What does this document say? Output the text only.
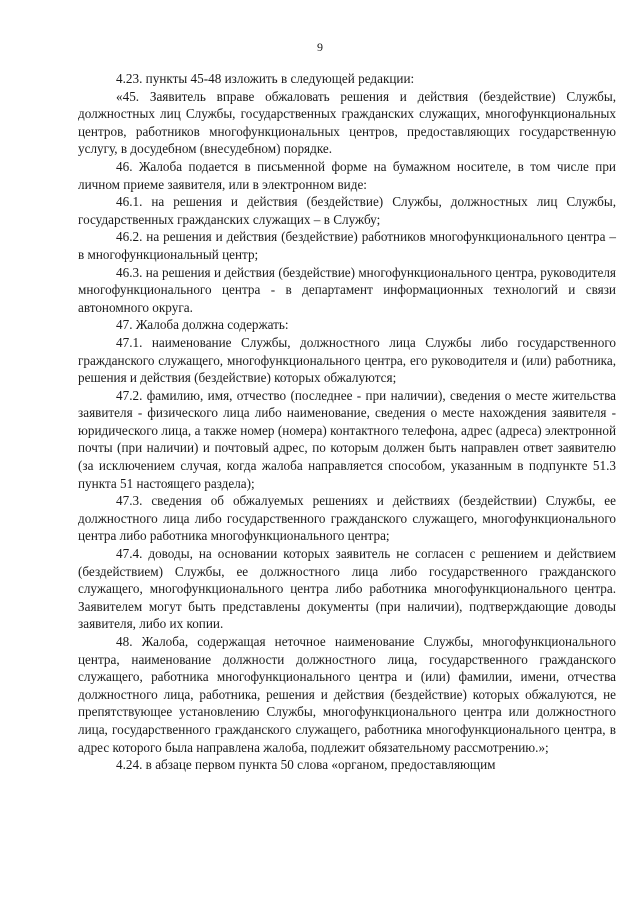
9

4.23. пункты 45-48 изложить в следующей редакции:

«45. Заявитель вправе обжаловать решения и действия (бездействие) Службы, должностных лиц Службы, государственных гражданских служащих, многофункциональных центров, работников многофункциональных центров, предоставляющих государственную услугу, в досудебном (внесудебном) порядке.

46. Жалоба подается в письменной форме на бумажном носителе, в том числе при личном приеме заявителя, или в электронном виде:

46.1. на решения и действия (бездействие) Службы, должностных лиц Службы, государственных гражданских служащих – в Службу;

46.2. на решения и действия (бездействие) работников многофункционального центра – в многофункциональный центр;

46.3. на решения и действия (бездействие) многофункционального центра, руководителя многофункционального центра - в департамент информационных технологий и связи автономного округа.

47. Жалоба должна содержать:

47.1. наименование Службы, должностного лица Службы либо государственного гражданского служащего, многофункционального центра, его руководителя и (или) работника, решения и действия (бездействие) которых обжалуются;

47.2. фамилию, имя, отчество (последнее - при наличии), сведения о месте жительства заявителя - физического лица либо наименование, сведения о месте нахождения заявителя - юридического лица, а также номер (номера) контактного телефона, адрес (адреса) электронной почты (при наличии) и почтовый адрес, по которым должен быть направлен ответ заявителю (за исключением случая, когда жалоба направляется способом, указанным в подпункте 51.3 пункта 51 настоящего раздела);

47.3. сведения об обжалуемых решениях и действиях (бездействии) Службы, ее должностного лица либо государственного гражданского служащего, многофункционального центра либо работника многофункционального центра;

47.4. доводы, на основании которых заявитель не согласен с решением и действием (бездействием) Службы, ее должностного лица либо государственного гражданского служащего, многофункционального центра либо работника многофункционального центра. Заявителем могут быть представлены документы (при наличии), подтверждающие доводы заявителя, либо их копии.

48. Жалоба, содержащая неточное наименование Службы, многофункционального центра, наименование должности должностного лица, государственного гражданского служащего, работника многофункционального центра и (или) фамилии, имени, отчества должностного лица, работника, решения и действия (бездействие) которых обжалуются, не препятствующее установлению Службы, многофункционального центра или должностного лица, государственного гражданского служащего, работника многофункционального центра, в адрес которого была направлена жалоба, подлежит обязательному рассмотрению.»;

4.24. в абзаце первом пункта 50 слова «органом, предоставляющим
